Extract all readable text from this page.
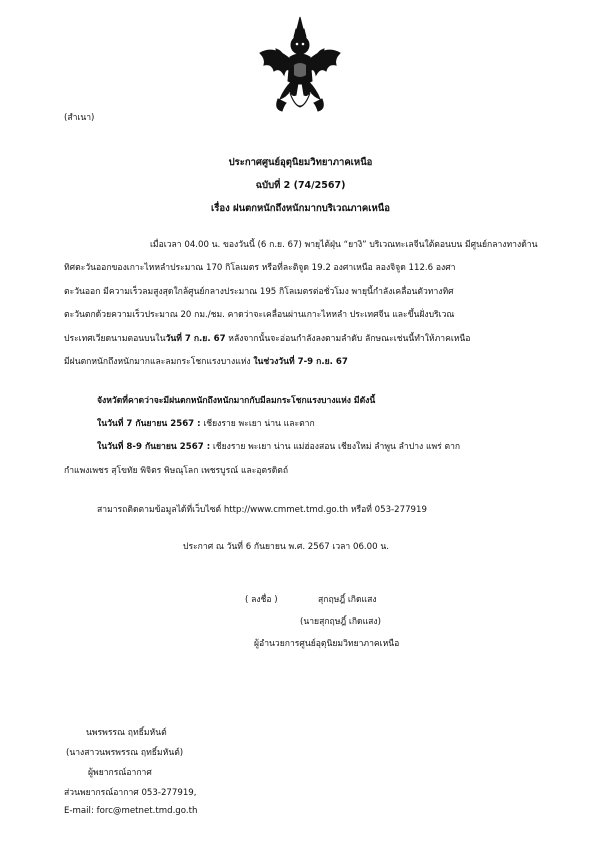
(สำเนา)
ประกาศศูนย์อุตุนิยมวิทยาภาคเหนือ
ฉบับที่ 2 (74/2567)
เรื่อง ฝนตกหนักถึงหนักมากบริเวณภาคเหนือ
เมื่อเวลา 04.00 น. ของวันนี้ (6 ก.ย. 67) พายุไต้ฝุ่น “ยางิ” บริเวณทะเลจีนใต้ตอนบน มีศูนย์กลางทางด้าน
ทิศตะวันออกของเกาะไหหลำประมาณ 170 กิโลเมตร หรือที่ละติจูด 19.2 องศาเหนือ ลองจิจูด 112.6 องศา
ตะวันออก มีความเร็วลมสูงสุดใกล้ศูนย์กลางประมาณ 195 กิโลเมตรต่อชั่วโมง พายุนี้กำลังเคลื่อนตัวทางทิศ
ตะวันตกด้วยความเร็วประมาณ 20 กม./ชม. คาดว่าจะเคลื่อนผ่านเกาะไหหลำ ประเทศจีน และขึ้นฝั่งบริเวณ
ประเทศเวียดนามตอนบนในวันที่ 7 ก.ย. 67 หลังจากนั้นจะอ่อนกำลังลงตามลำดับ ลักษณะเช่นนี้ทำให้ภาคเหนือ
มีฝนตกหนักถึงหนักมากและลมกระโชกแรงบางแห่ง ในช่วงวันที่ 7-9 ก.ย. 67
จังหวัดที่คาดว่าจะมีฝนตกหนักถึงหนักมากกับมีลมกระโชกแรงบางแห่ง มีดังนี้
ในวันที่ 7 กันยายน 2567 : เชียงราย พะเยา น่าน และตาก
ในวันที่ 8-9 กันยายน 2567 : เชียงราย พะเยา น่าน แม่ฮ่องสอน เชียงใหม่ ลำพูน ลำปาง แพร่ ตาก
กำแพงเพชร สุโขทัย พิจิตร พิษณุโลก เพชรบูรณ์ และอุตรดิตถ์
สามารถติดตามข้อมูลได้ที่เว็บไซต์ http://www.cmmet.tmd.go.th หรือที่ 053-277919
ประกาศ ณ วันที่ 6 กันยายน พ.ศ. 2567 เวลา 06.00 น.
( ลงชื่อ )	สุกฤษฎิ์ เกิดแสง
(นายสุกฤษฎิ์ เกิดแสง)
ผู้อำนวยการศูนย์อุตุนิยมวิทยาภาคเหนือ
นพรพรรณ ฤทธิ์มหันต์
(นางสาวนพรพรรณ ฤทธิ์มหันต์)
ผู้พยากรณ์อากาศ
ส่วนพยากรณ์อากาศ 053-277919,
E-mail: forc@metnet.tmd.go.th
